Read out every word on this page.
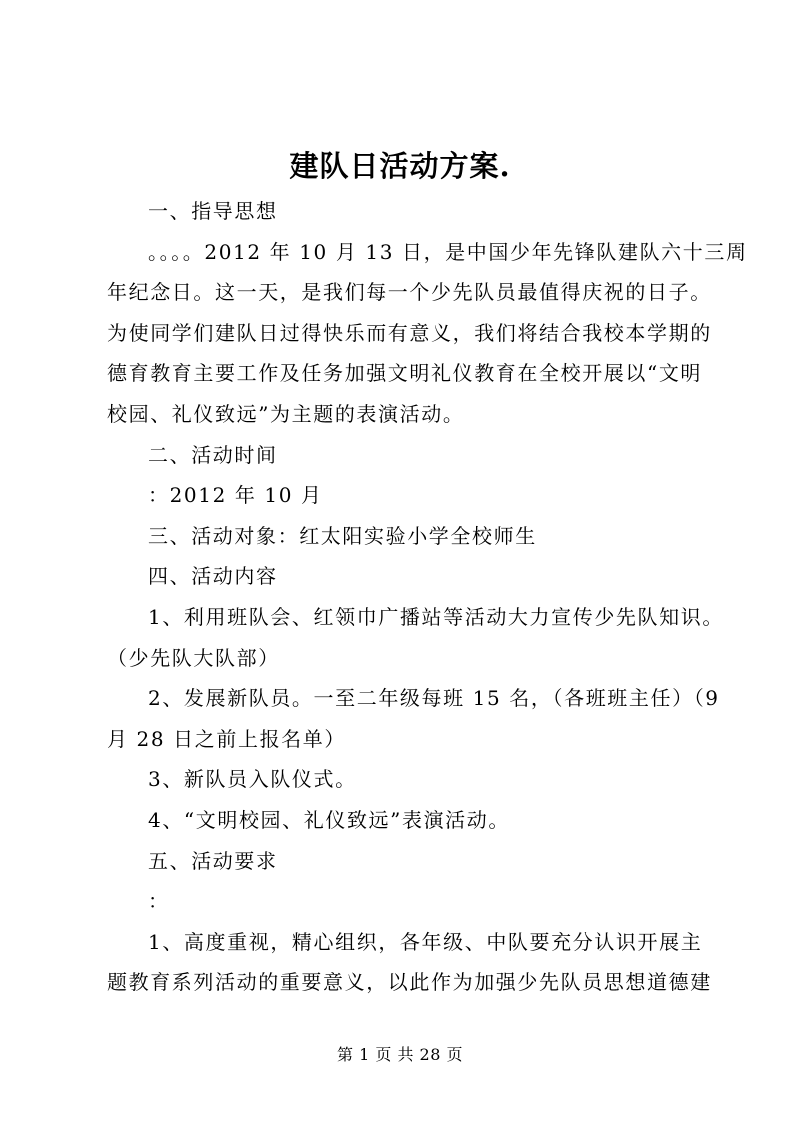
建队日活动方案.

一、指导思想

。。。。2012 年 10 月 13 日，是中国少年先锋队建队六十三周

年纪念日。这一天，是我们每一个少先队员最值得庆祝的日子。

为使同学们建队日过得快乐而有意义，我们将结合我校本学期的

德育教育主要工作及任务加强文明礼仪教育在全校开展以“文明

校园、礼仪致远”为主题的表演活动。

二、活动时间

：2012 年 10 月

三、活动对象：红太阳实验小学全校师生

四、活动内容

1、利用班队会、红领巾广播站等活动大力宣传少先队知识。

（少先队大队部）

2、发展新队员。一至二年级每班 15 名，（各班班主任）（9

月 28 日之前上报名单）

3、新队员入队仪式。

4、“文明校园、礼仪致远”表演活动。

五、活动要求

：

1、高度重视，精心组织，各年级、中队要充分认识开展主

题教育系列活动的重要意义，以此作为加强少先队员思想道德建

第 1 页 共 28 页
